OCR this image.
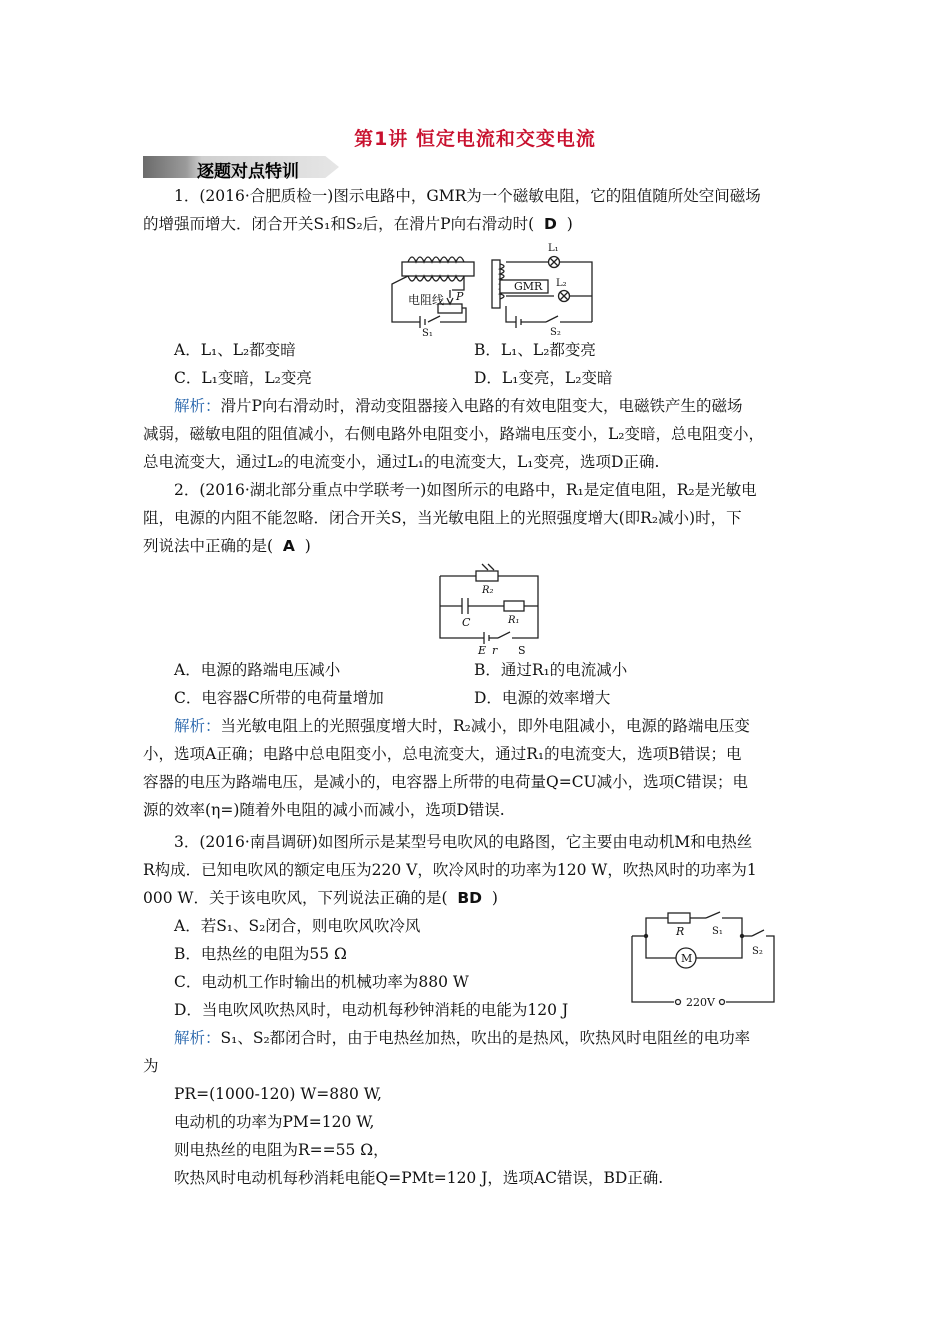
第1讲 恒定电流和交变电流
逐题对点特训
1．(2016·合肥质检一)图示电路中，GMR为一个磁敏电阻，它的阻值随所处空间磁场
的增强而增大．闭合开关S₁和S₂后，在滑片P向右滑动时( D )
电阻线 P
S₁
GMR
L₁
L₂
S₂
A．L₁、L₂都变暗	B．L₁、L₂都变亮
C．L₁变暗，L₂变亮	D．L₁变亮，L₂变暗
解析：滑片P向右滑动时，滑动变阻器接入电路的有效电阻变大，电磁铁产生的磁场
减弱，磁敏电阻的阻值减小，右侧电路外电阻变小，路端电压变小，L₂变暗，总电阻变小，
总电流变大，通过L₂的电流变小，通过L₁的电流变大，L₁变亮，选项D正确.
2．(2016·湖北部分重点中学联考一)如图所示的电路中，R₁是定值电阻，R₂是光敏电
阻，电源的内阻不能忽略．闭合开关S，当光敏电阻上的光照强度增大(即R₂减小)时，下
列说法中正确的是( A )
R₂
C	R₁
E r S
A．电源的路端电压减小	B．通过R₁的电流减小
C．电容器C所带的电荷量增加	D．电源的效率增大
解析：当光敏电阻上的光照强度增大时，R₂减小，即外电阻减小，电源的路端电压变
小，选项A正确；电路中总电阻变小，总电流变大，通过R₁的电流变大，选项B错误；电
容器的电压为路端电压，是减小的，电容器上所带的电荷量Q=CU减小，选项C错误；电
源的效率(η=)随着外电阻的减小而减小，选项D错误.
3．(2016·南昌调研)如图所示是某型号电吹风的电路图，它主要由电动机M和电热丝
R构成．已知电吹风的额定电压为220 V，吹冷风时的功率为120 W，吹热风时的功率为1
000 W．关于该电吹风，下列说法正确的是( BD )
A．若S₁、S₂闭合，则电吹风吹冷风
B．电热丝的电阻为55 Ω
C．电动机工作时输出的机械功率为880 W
D．当电吹风吹热风时，电动机每秒钟消耗的电能为120 J
R	S₁
S₂
M
220V
解析：S₁、S₂都闭合时，由于电热丝加热，吹出的是热风，吹热风时电阻丝的电功率
为
PR=(1000-120) W=880 W,
电动机的功率为PM=120 W,
则电热丝的电阻为R==55 Ω，
吹热风时电动机每秒消耗电能Q=PMt=120 J，选项AC错误，BD正确.
